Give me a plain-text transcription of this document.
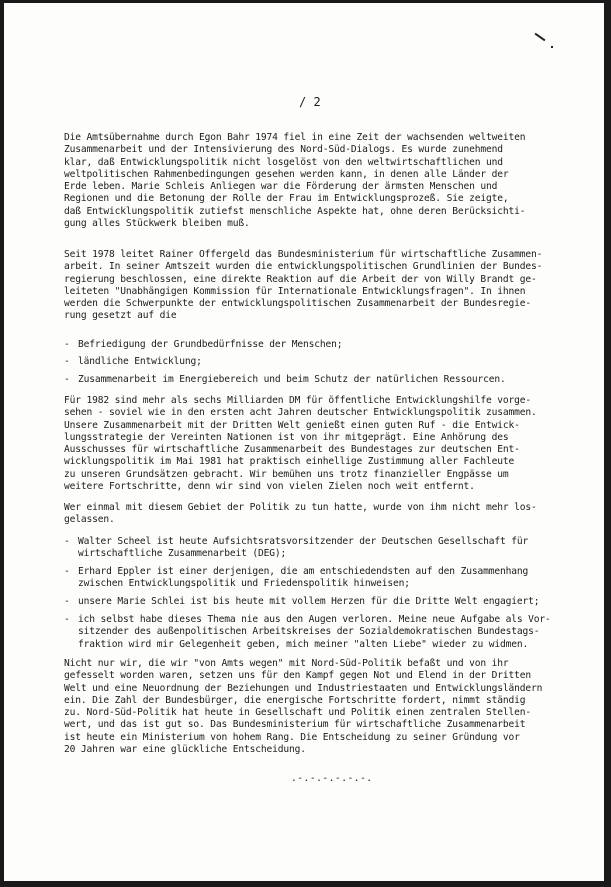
/ 2
Die Amtsübernahme durch Egon Bahr 1974 fiel in eine Zeit der wachsenden weltweiten
Zusammenarbeit und der Intensivierung des Nord-Süd-Dialogs. Es wurde zunehmend
klar, daß Entwicklungspolitik nicht losgelöst von den weltwirtschaftlichen und
weltpolitischen Rahmenbedingungen gesehen werden kann, in denen alle Länder der
Erde leben. Marie Schleis Anliegen war die Förderung der ärmsten Menschen und
Regionen und die Betonung der Rolle der Frau im Entwicklungsprozeß. Sie zeigte,
daß Entwicklungspolitik zutiefst menschliche Aspekte hat, ohne deren Berücksichti-
gung alles Stückwerk bleiben muß.
Seit 1978 leitet Rainer Offergeld das Bundesministerium für wirtschaftliche Zusammen-
arbeit. In seiner Amtszeit wurden die entwicklungspolitischen Grundlinien der Bundes-
regierung beschlossen, eine direkte Reaktion auf die Arbeit der von Willy Brandt ge-
leiteten "Unabhängigen Kommission für Internationale Entwicklungsfragen". In ihnen
werden die Schwerpunkte der entwicklungspolitischen Zusammenarbeit der Bundesregie-
rung gesetzt auf die
- Befriedigung der Grundbedürfnisse der Menschen;
- ländliche Entwicklung;
- Zusammenarbeit im Energiebereich und beim Schutz der natürlichen Ressourcen.
Für 1982 sind mehr als sechs Milliarden DM für öffentliche Entwicklungshilfe vorge-
sehen - soviel wie in den ersten acht Jahren deutscher Entwicklungspolitik zusammen.
Unsere Zusammenarbeit mit der Dritten Welt genießt einen guten Ruf - die Entwick-
lungsstrategie der Vereinten Nationen ist von ihr mitgeprägt. Eine Anhörung des
Ausschusses für wirtschaftliche Zusammenarbeit des Bundestages zur deutschen Ent-
wicklungspolitik im Mai 1981 hat praktisch einhellige Zustimmung aller Fachleute
zu unseren Grundsätzen gebracht. Wir bemühen uns trotz finanzieller Engpässe um
weitere Fortschritte, denn wir sind von vielen Zielen noch weit entfernt.
Wer einmal mit diesem Gebiet der Politik zu tun hatte, wurde von ihm nicht mehr los-
gelassen.
- Walter Scheel ist heute Aufsichtsratsvorsitzender der Deutschen Gesellschaft für
wirtschaftliche Zusammenarbeit (DEG);
- Erhard Eppler ist einer derjenigen, die am entschiedendsten auf den Zusammenhang
zwischen Entwicklungspolitik und Friedenspolitik hinweisen;
- unsere Marie Schlei ist bis heute mit vollem Herzen für die Dritte Welt engagiert;
- ich selbst habe dieses Thema nie aus den Augen verloren. Meine neue Aufgabe als Vor-
sitzender des außenpolitischen Arbeitskreises der Sozialdemokratischen Bundestags-
fraktion wird mir Gelegenheit geben, mich meiner "alten Liebe" wieder zu widmen.
Nicht nur wir, die wir "von Amts wegen" mit Nord-Süd-Politik befaßt und von ihr
gefesselt worden waren, setzen uns für den Kampf gegen Not und Elend in der Dritten
Welt und eine Neuordnung der Beziehungen und Industriestaaten und Entwicklungsländern
ein. Die Zahl der Bundesbürger, die energische Fortschritte fordert, nimmt ständig
zu. Nord-Süd-Politik hat heute in Gesellschaft und Politik einen zentralen Stellen-
wert, und das ist gut so. Das Bundesministerium für wirtschaftliche Zusammenarbeit
ist heute ein Ministerium von hohem Rang. Die Entscheidung zu seiner Gründung vor
20 Jahren war eine glückliche Entscheidung.
.-.-.-.-.-.-.
